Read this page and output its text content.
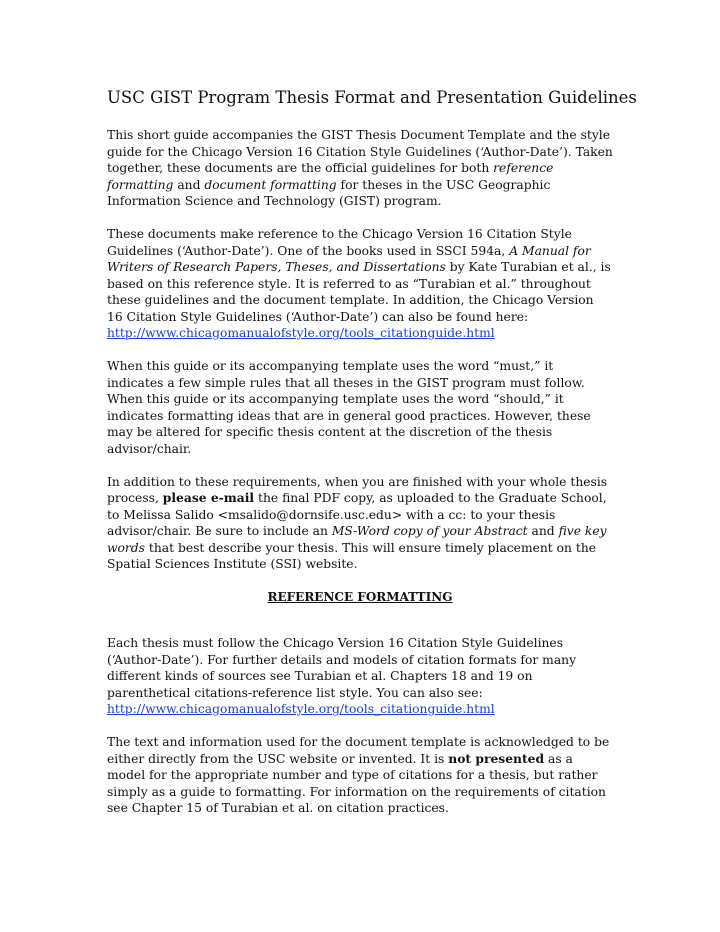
USC GIST Program Thesis Format and Presentation Guidelines

This short guide accompanies the GIST Thesis Document Template and the style guide for the Chicago Version 16 Citation Style Guidelines (‘Author-Date’). Taken together, these documents are the official guidelines for both reference formatting and document formatting for theses in the USC Geographic Information Science and Technology (GIST) program.

These documents make reference to the Chicago Version 16 Citation Style Guidelines (‘Author-Date’). One of the books used in SSCI 594a, A Manual for Writers of Research Papers, Theses, and Dissertations by Kate Turabian et al., is based on this reference style. It is referred to as “Turabian et al.” throughout these guidelines and the document template. In addition, the Chicago Version 16 Citation Style Guidelines (‘Author-Date’) can also be found here: http://www.chicagomanualofstyle.org/tools_citationguide.html

When this guide or its accompanying template uses the word “must,” it indicates a few simple rules that all theses in the GIST program must follow. When this guide or its accompanying template uses the word “should,” it indicates formatting ideas that are in general good practices. However, these may be altered for specific thesis content at the discretion of the thesis advisor/chair.

In addition to these requirements, when you are finished with your whole thesis process, please e-mail the final PDF copy, as uploaded to the Graduate School, to Melissa Salido <msalido@dornsife.usc.edu> with a cc: to your thesis advisor/chair. Be sure to include an MS-Word copy of your Abstract and five key words that best describe your thesis. This will ensure timely placement on the Spatial Sciences Institute (SSI) website.

REFERENCE FORMATTING

Each thesis must follow the Chicago Version 16 Citation Style Guidelines (‘Author-Date’). For further details and models of citation formats for many different kinds of sources see Turabian et al. Chapters 18 and 19 on parenthetical citations-reference list style. You can also see: http://www.chicagomanualofstyle.org/tools_citationguide.html

The text and information used for the document template is acknowledged to be either directly from the USC website or invented. It is not presented as a model for the appropriate number and type of citations for a thesis, but rather simply as a guide to formatting. For information on the requirements of citation see Chapter 15 of Turabian et al. on citation practices.
